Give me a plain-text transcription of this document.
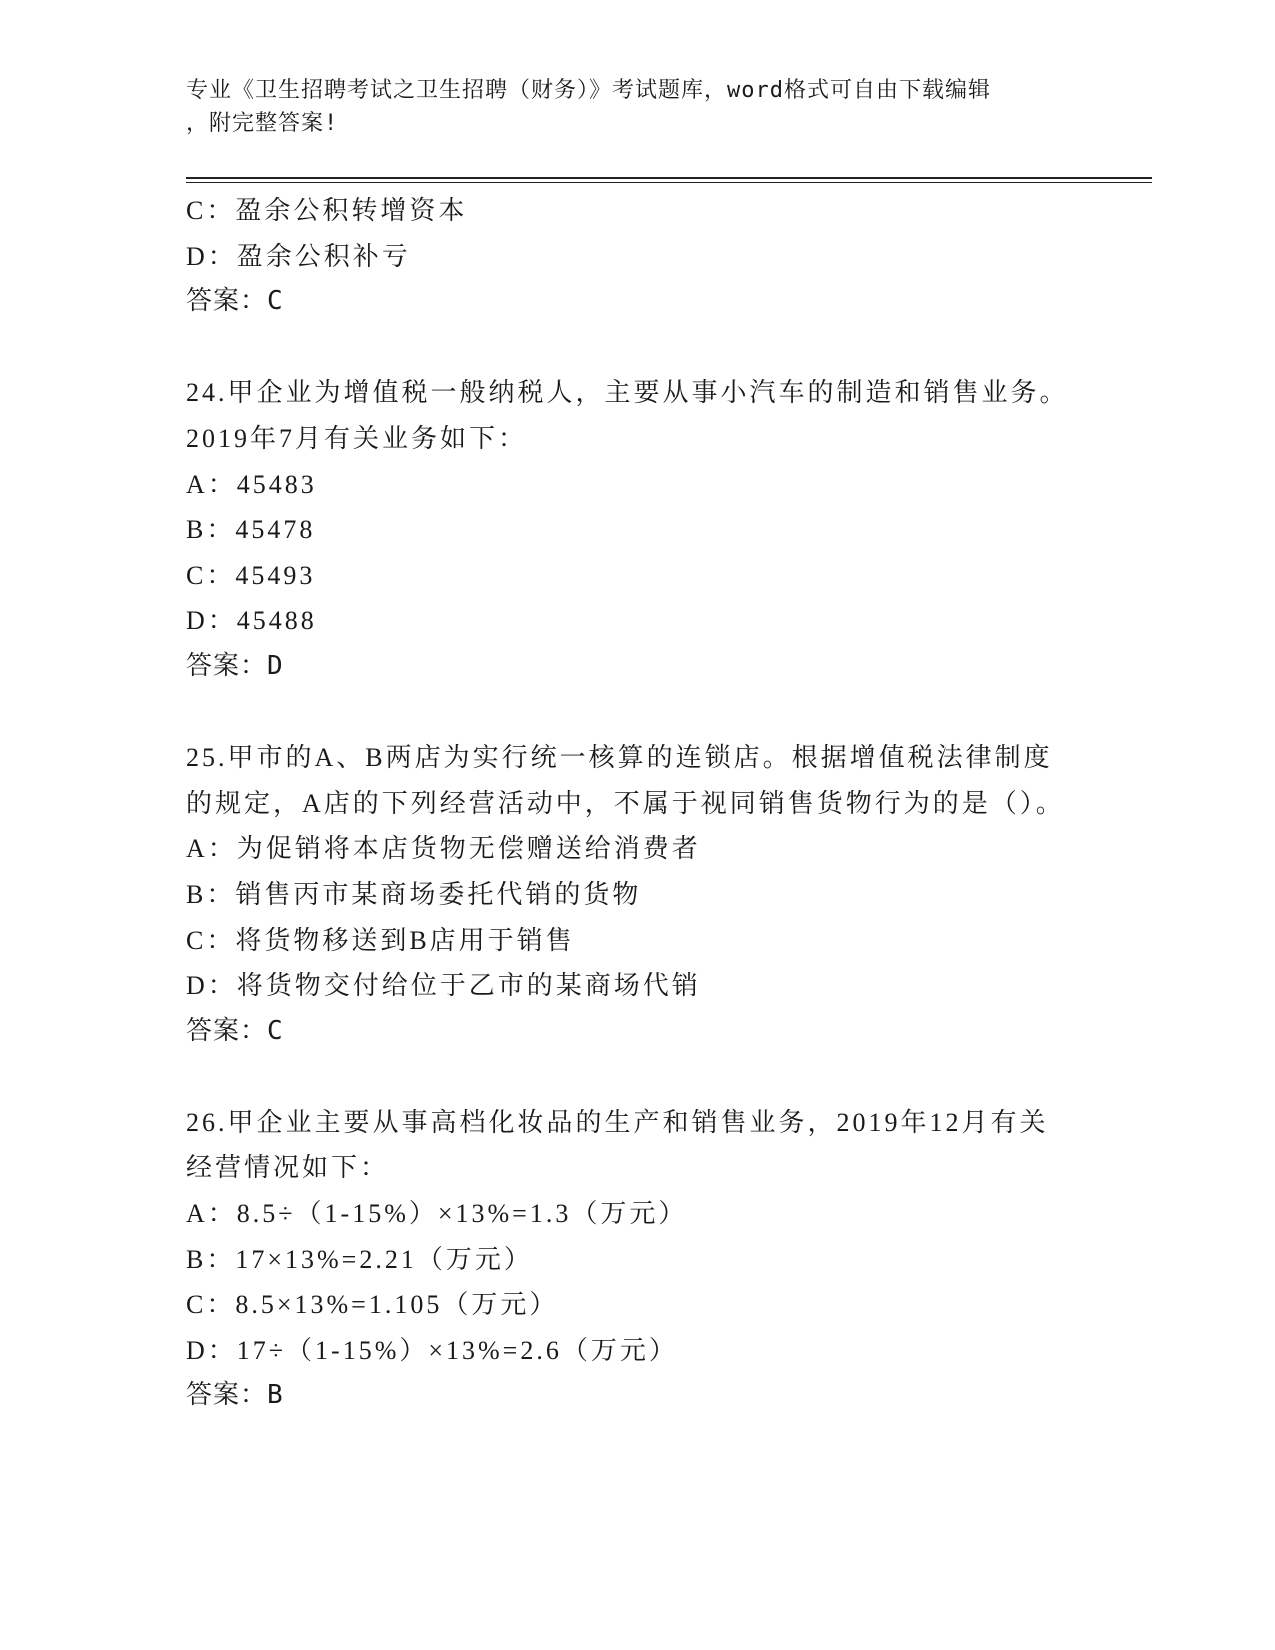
专业《卫生招聘考试之卫生招聘（财务）》考试题库，word格式可自由下载编辑
，附完整答案!
C：盈余公积转增资本
D：盈余公积补亏
答案：C
24.甲企业为增值税一般纳税人，主要从事小汽车的制造和销售业务。
2019年7月有关业务如下：
A：45483
B：45478
C：45493
D：45488
答案：D
25.甲市的A、B两店为实行统一核算的连锁店。根据增值税法律制度
的规定，A店的下列经营活动中，不属于视同销售货物行为的是（）。
A：为促销将本店货物无偿赠送给消费者
B：销售丙市某商场委托代销的货物
C：将货物移送到B店用于销售
D：将货物交付给位于乙市的某商场代销
答案：C
26.甲企业主要从事高档化妆品的生产和销售业务，2019年12月有关
经营情况如下：
A：8.5÷（1-15%）×13%=1.3（万元）
B：17×13%=2.21（万元）
C：8.5×13%=1.105（万元）
D：17÷（1-15%）×13%=2.6（万元）
答案：B
